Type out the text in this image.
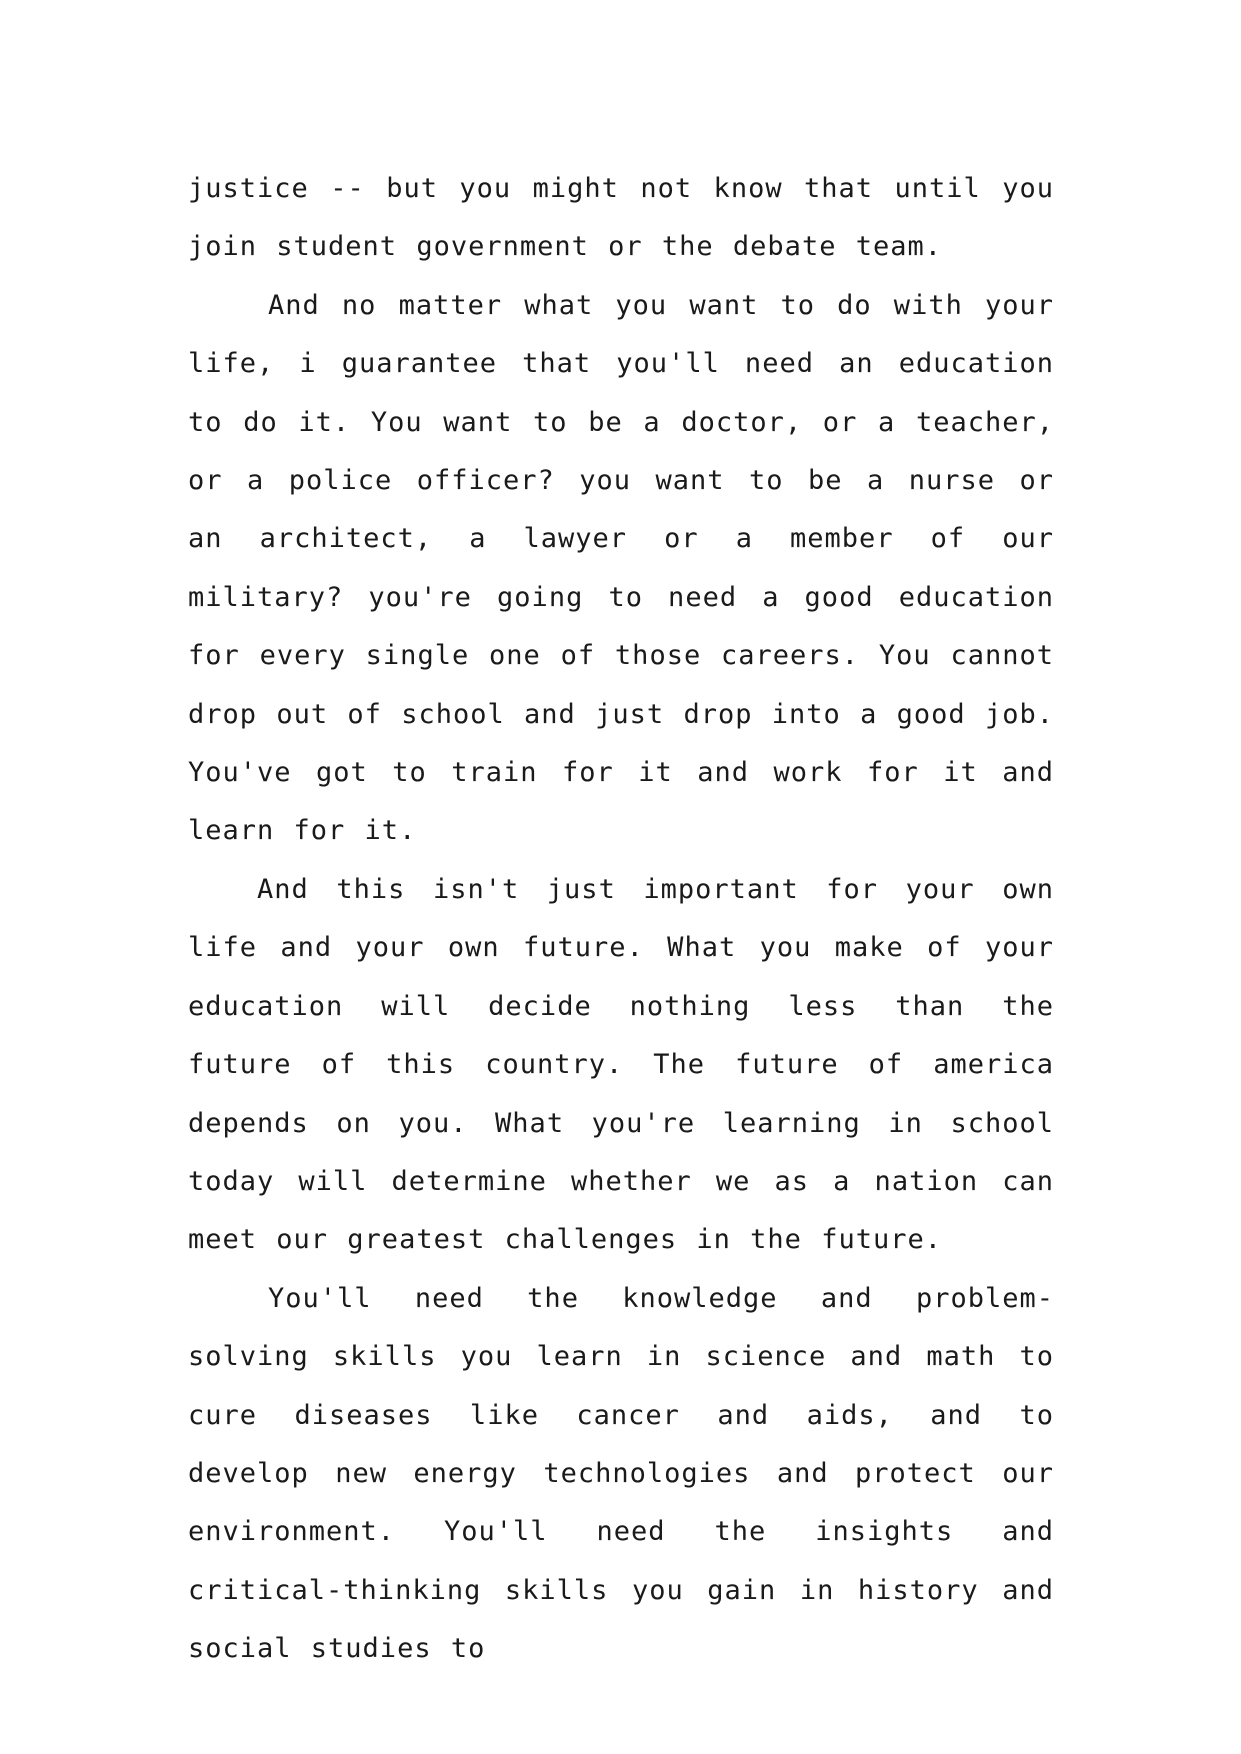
justice -- but you might not know that until you join student government or the debate team.

And no matter what you want to do with your life, i guarantee that you'll need an education to do it. You want to be a doctor, or a teacher, or a police officer? you want to be a nurse or an architect, a lawyer or a member of our military? you're going to need a good education for every single one of those careers. You cannot drop out of school and just drop into a good job. You've got to train for it and work for it and learn for it.

And this isn't just important for your own life and your own future. What you make of your education will decide nothing less than the future of this country. The future of america depends on you. What you're learning in school today will determine whether we as a nation can meet our greatest challenges in the future.

You'll need the knowledge and problem-solving skills you learn in science and math to cure diseases like cancer and aids, and to develop new energy technologies and protect our environment. You'll need the insights and critical-thinking skills you gain in history and social studies to
